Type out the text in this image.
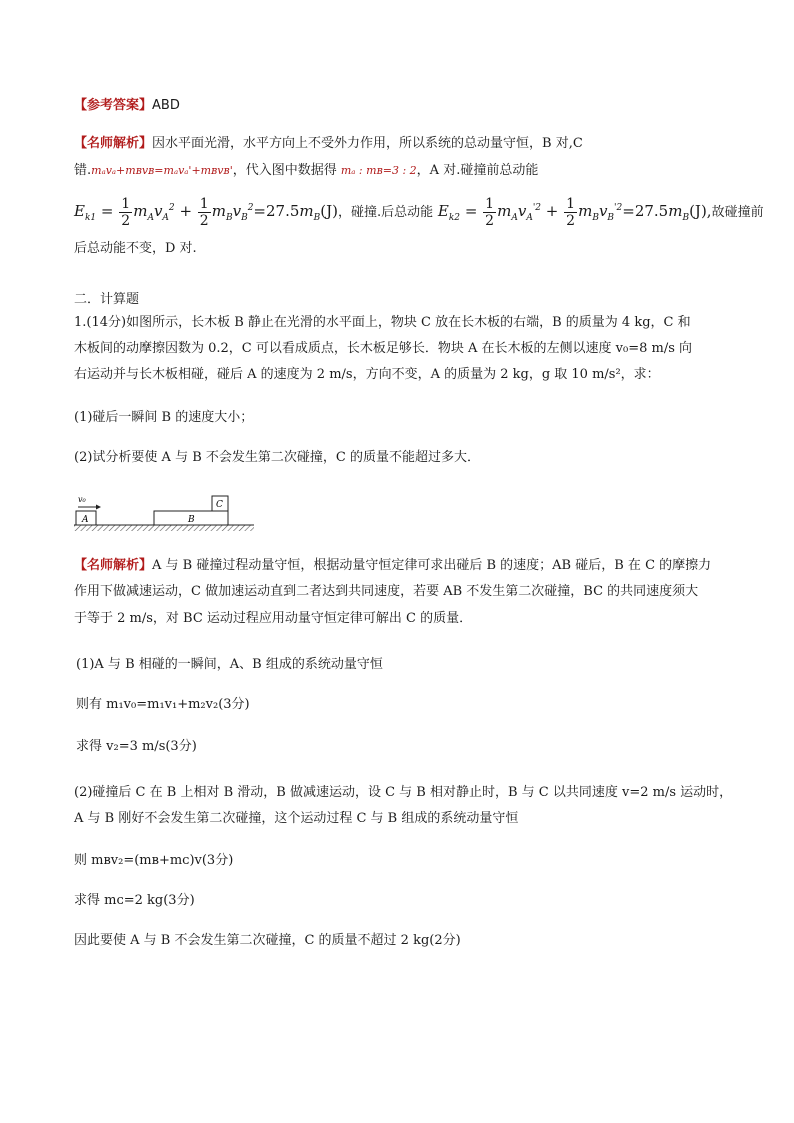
【参考答案】ABD
【名师解析】因水平面光滑，水平方向上不受外力作用，所以系统的总动量守恒，B 对,C
错.mₐvₐ+mʙvʙ=mₐvₐ'+mʙvʙ'，代入图中数据得 mₐ : mʙ=3 : 2，A 对.碰撞前总动能
$E_{k1} = \frac{1}{2} m_Av_A^2 + \frac{1}{2} m_Bv_B^2=27.5m_B(J)$，碰撞.后总动能 $E_{k2} = \frac{1}{2} m_Av_A^{'2} + \frac{1}{2} m_Bv_B^{'2}=27.5m_B(J)$,故碰撞前
后总动能不变，D 对.
二．计算题
1.(14分)如图所示，长木板 B 静止在光滑的水平面上，物块 C 放在长木板的右端，B 的质量为 4 kg，C 和
木板间的动摩擦因数为 0.2，C 可以看成质点，长木板足够长．物块 A 在长木板的左侧以速度 v₀=8 m/s 向
右运动并与长木板相碰，碰后 A 的速度为 2 m/s，方向不变，A 的质量为 2 kg，g 取 10 m/s²，求：
(1)碰后一瞬间 B 的速度大小；
(2)试分析要使 A 与 B 不会发生第二次碰撞，C 的质量不能超过多大．
v₀
A	B
C
【名师解析】A 与 B 碰撞过程动量守恒，根据动量守恒定律可求出碰后 B 的速度；AB 碰后，B 在 C 的摩擦力
作用下做减速运动，C 做加速运动直到二者达到共同速度，若要 AB 不发生第二次碰撞，BC 的共同速度须大
于等于 2 m/s，对 BC 运动过程应用动量守恒定律可解出 C 的质量．
(1)A 与 B 相碰的一瞬间，A、B 组成的系统动量守恒
则有 m₁v₀=m₁v₁+m₂v₂(3分)
求得 v₂=3 m/s(3分)
(2)碰撞后 C 在 B 上相对 B 滑动，B 做减速运动，设 C 与 B 相对静止时，B 与 C 以共同速度 v=2 m/s 运动时，
A 与 B 刚好不会发生第二次碰撞，这个运动过程 C 与 B 组成的系统动量守恒
则 mʙv₂=(mʙ+mᴄ)v(3分)
求得 mᴄ=2 kg(3分)
因此要使 A 与 B 不会发生第二次碰撞，C 的质量不超过 2 kg(2分)
